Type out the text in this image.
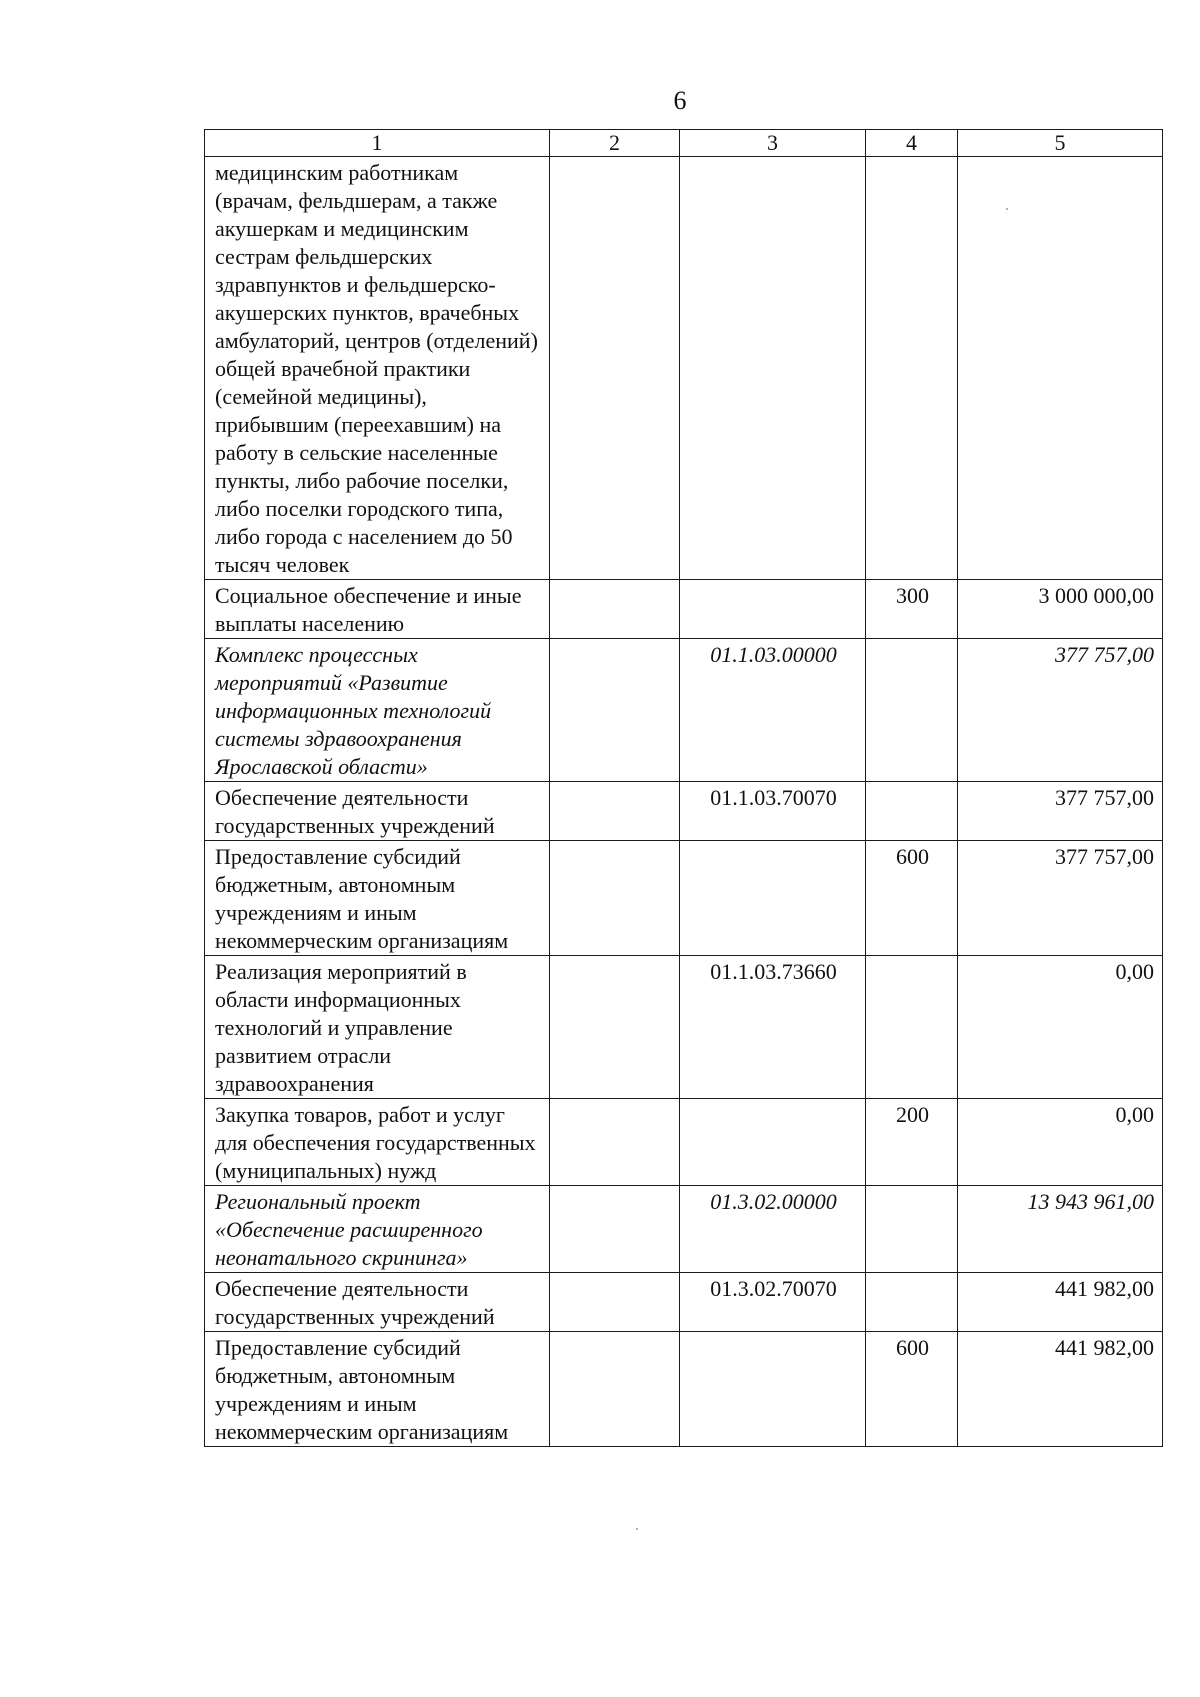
6
1	2	3	4	5
медицинским работникам (врачам, фельдшерам, а также акушеркам и медицинским сестрам фельдшерских здравпунктов и фельдшерско-акушерских пунктов, врачебных амбулаторий, центров (отделений) общей врачебной практики (семейной медицины), прибывшим (переехавшим) на работу в сельские населенные пункты, либо рабочие поселки, либо поселки городского типа, либо города с населением до 50 тысяч человек				
Социальное обеспечение и иные выплаты населению			300	3 000 000,00
Комплекс процессных мероприятий «Развитие информационных технологий системы здравоохранения Ярославской области»		01.1.03.00000		377 757,00
Обеспечение деятельности государственных учреждений		01.1.03.70070		377 757,00
Предоставление субсидий бюджетным, автономным учреждениям и иным некоммерческим организациям			600	377 757,00
Реализация мероприятий в области информационных технологий и управление развитием отрасли здравоохранения		01.1.03.73660		0,00
Закупка товаров, работ и услуг для обеспечения государственных (муниципальных) нужд			200	0,00
Региональный проект «Обеспечение расширенного неонатального скрининга»		01.3.02.00000		13 943 961,00
Обеспечение деятельности государственных учреждений		01.3.02.70070		441 982,00
Предоставление субсидий бюджетным, автономным учреждениям и иным некоммерческим организациям			600	441 982,00
